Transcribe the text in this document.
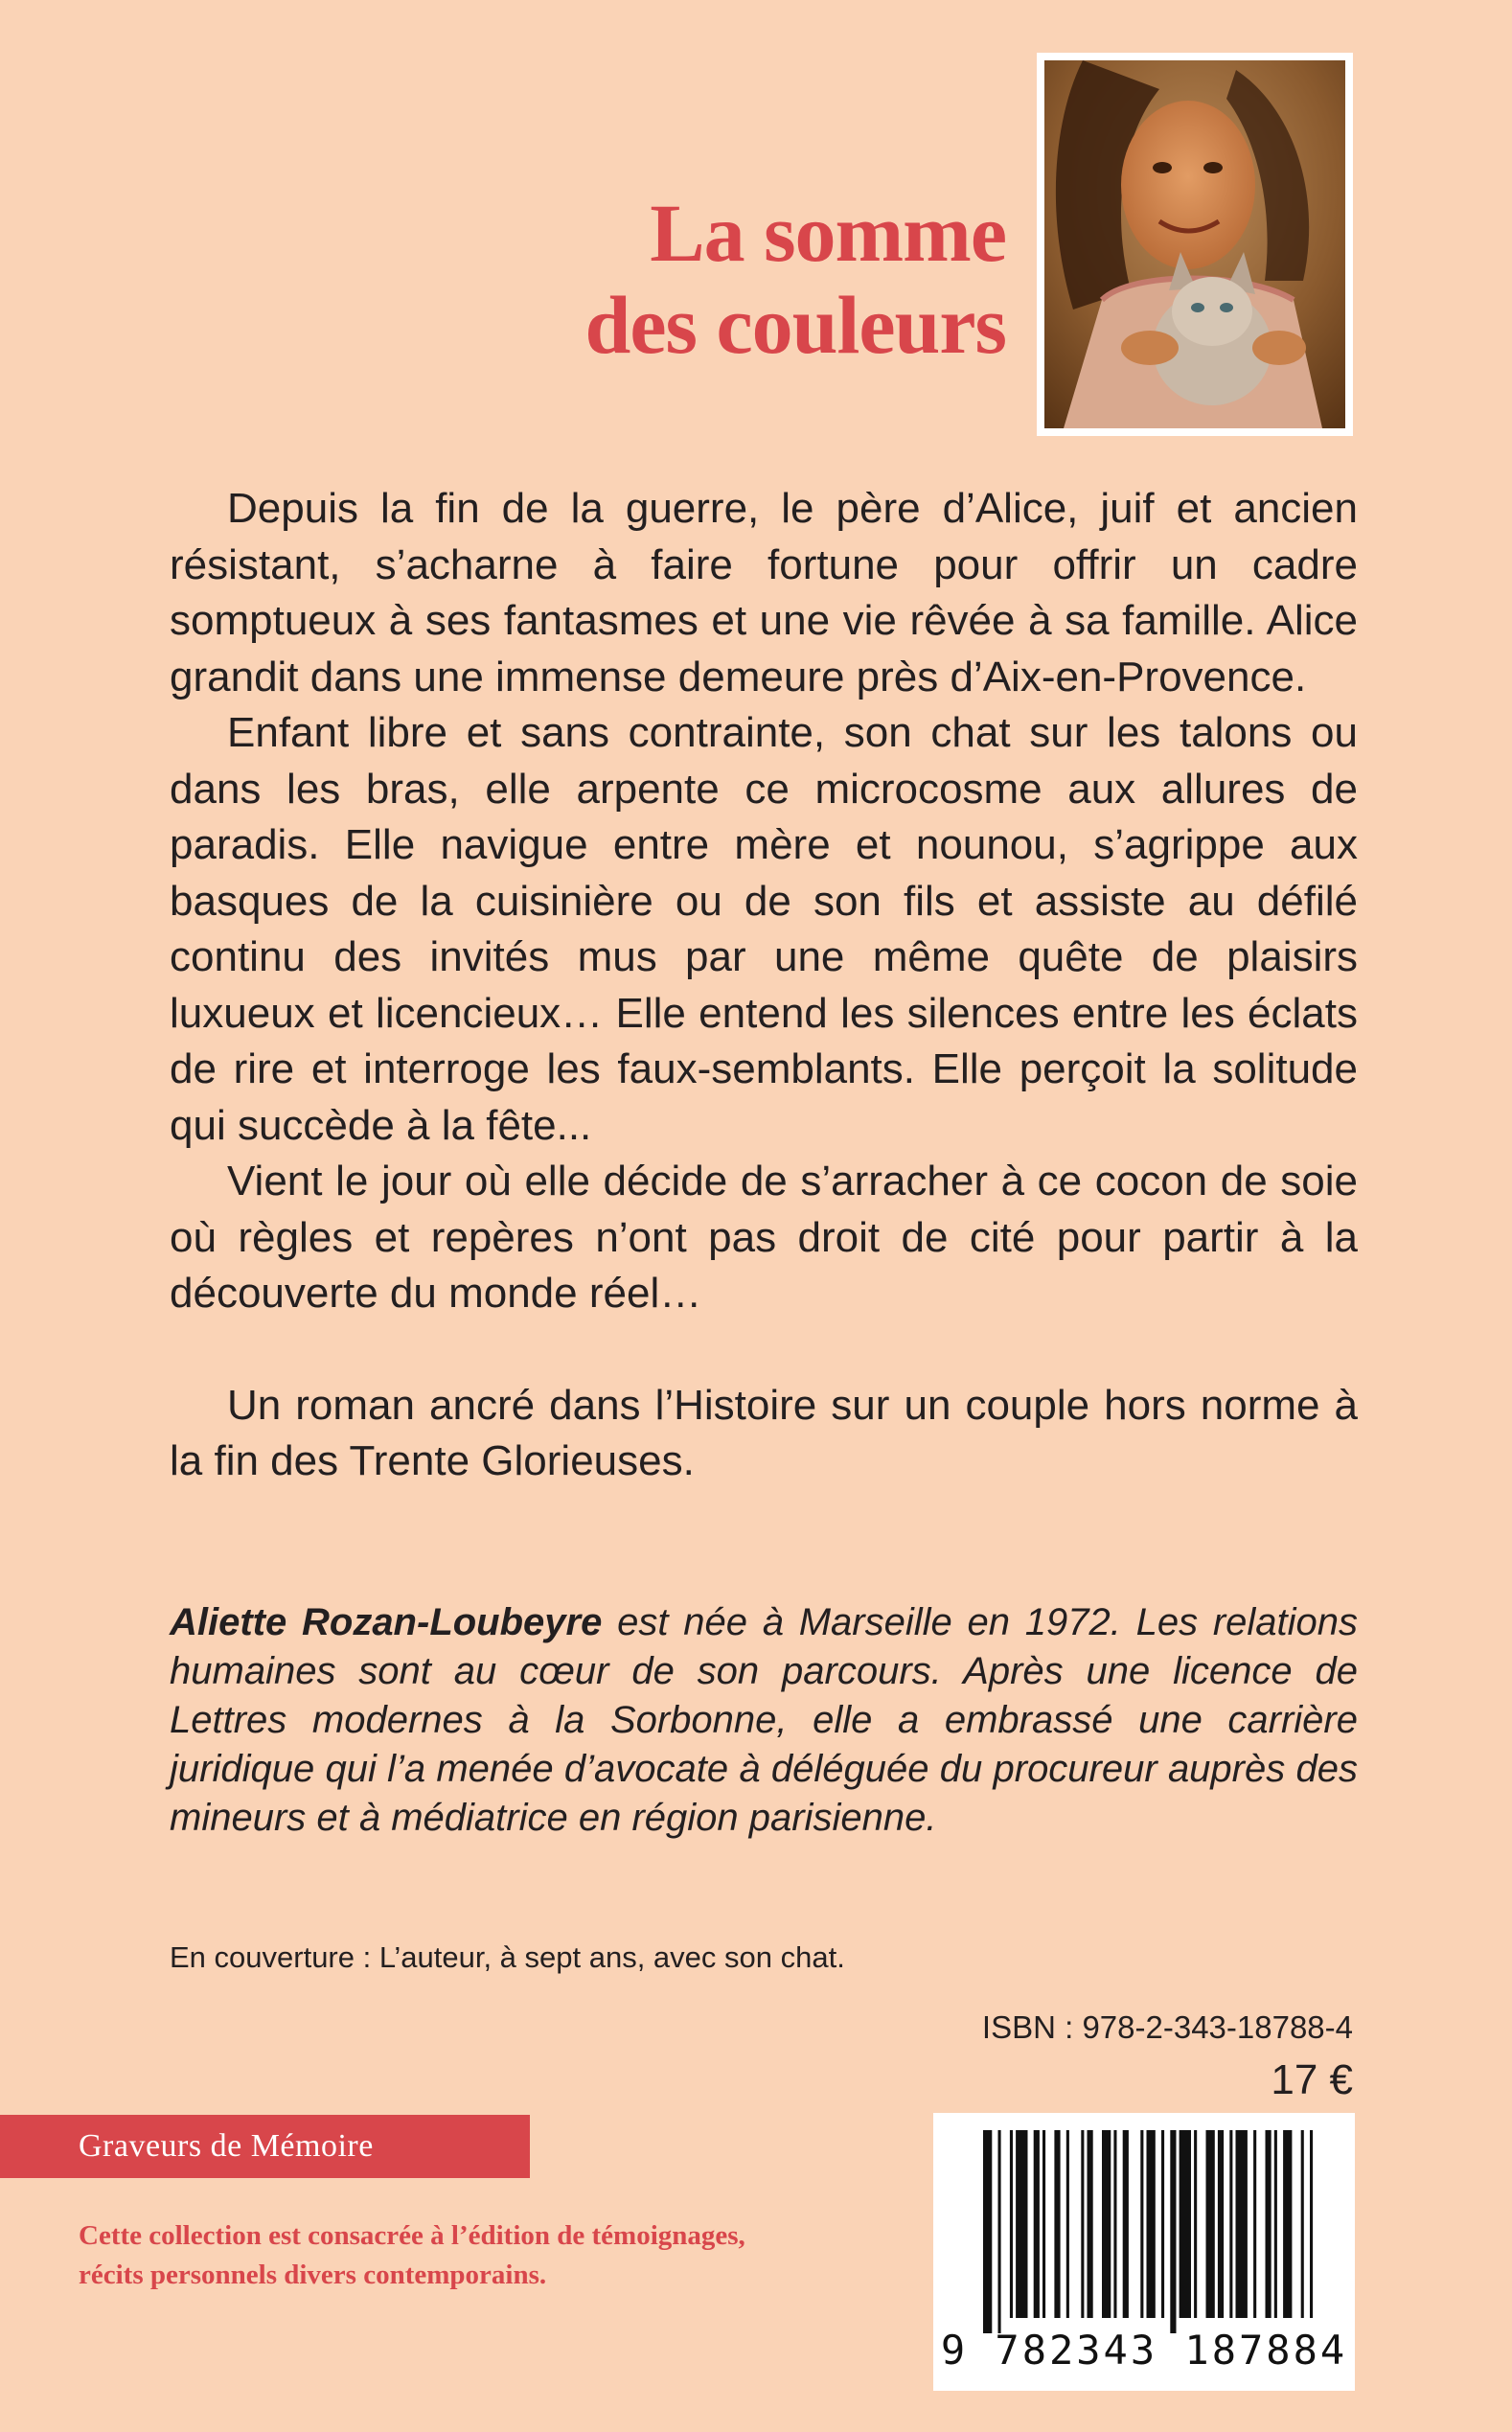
La somme
des couleurs

Depuis la fin de la guerre, le père d’Alice, juif et ancien résistant, s’acharne à faire fortune pour offrir un cadre somptueux à ses fantasmes et une vie rêvée à sa famille. Alice grandit dans une immense demeure près d’Aix-en-Provence.

Enfant libre et sans contrainte, son chat sur les talons ou dans les bras, elle arpente ce microcosme aux allures de paradis. Elle navigue entre mère et nounou, s’agrippe aux basques de la cuisinière ou de son fils et assiste au défilé continu des invités mus par une même quête de plaisirs luxueux et licencieux… Elle entend les silences entre les éclats de rire et interroge les faux-semblants. Elle perçoit la solitude qui succède à la fête...

Vient le jour où elle décide de s’arracher à ce cocon de soie où règles et repères n’ont pas droit de cité pour partir à la découverte du monde réel…

Un roman ancré dans l’Histoire sur un couple hors norme à la fin des Trente Glorieuses.

Aliette Rozan-Loubeyre est née à Marseille en 1972. Les relations humaines sont au cœur de son parcours. Après une licence de Lettres modernes à la Sorbonne, elle a embrassé une carrière juridique qui l’a menée d’avocate à déléguée du procureur auprès des mineurs et à médiatrice en région parisienne.
En couverture : L’auteur, à sept ans, avec son chat.
ISBN : 978-2-343-18788-4
17 €
Graveurs de Mémoire
Cette collection est consacrée à l’édition de témoignages,
récits personnels divers contemporains.
9 782343 187884
